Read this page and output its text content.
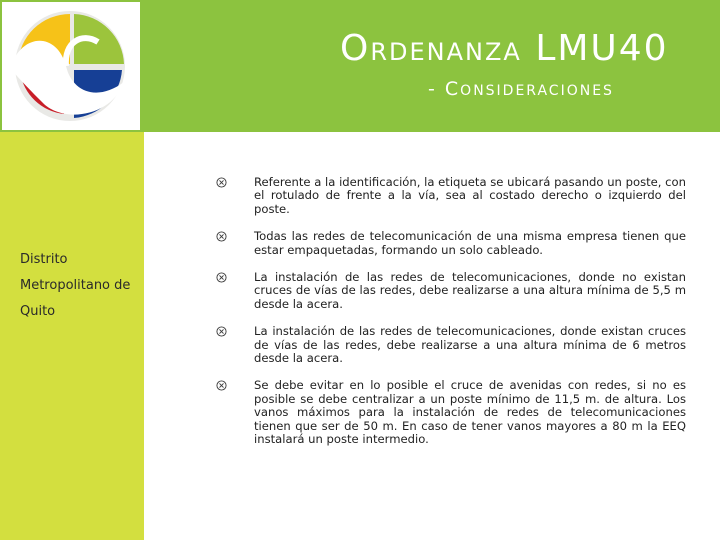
ORDENANZA LMU40
- CONSIDERACIONES
Distrito
Metropolitano de
Quito
Referente a la identificación, la etiqueta se ubicará pasando un poste, con el rotulado de frente a la vía, sea al costado derecho o izquierdo del poste.
Todas las redes de telecomunicación de una misma empresa tienen que estar empaquetadas, formando un solo cableado.
La instalación de las redes de telecomunicaciones, donde no existan cruces de vías de las redes, debe realizarse a una altura mínima de 5,5 m desde la acera.
La instalación de las redes de telecomunicaciones, donde existan cruces de vías de las redes, debe realizarse a una altura mínima de 6 metros desde la acera.
Se debe evitar en lo posible el cruce de avenidas con redes, si no es posible se debe centralizar a un poste mínimo de 11,5 m. de altura. Los vanos máximos para la instalación de redes de telecomunicaciones tienen que ser de 50 m. En caso de tener vanos mayores a 80 m la EEQ instalará un poste intermedio.
